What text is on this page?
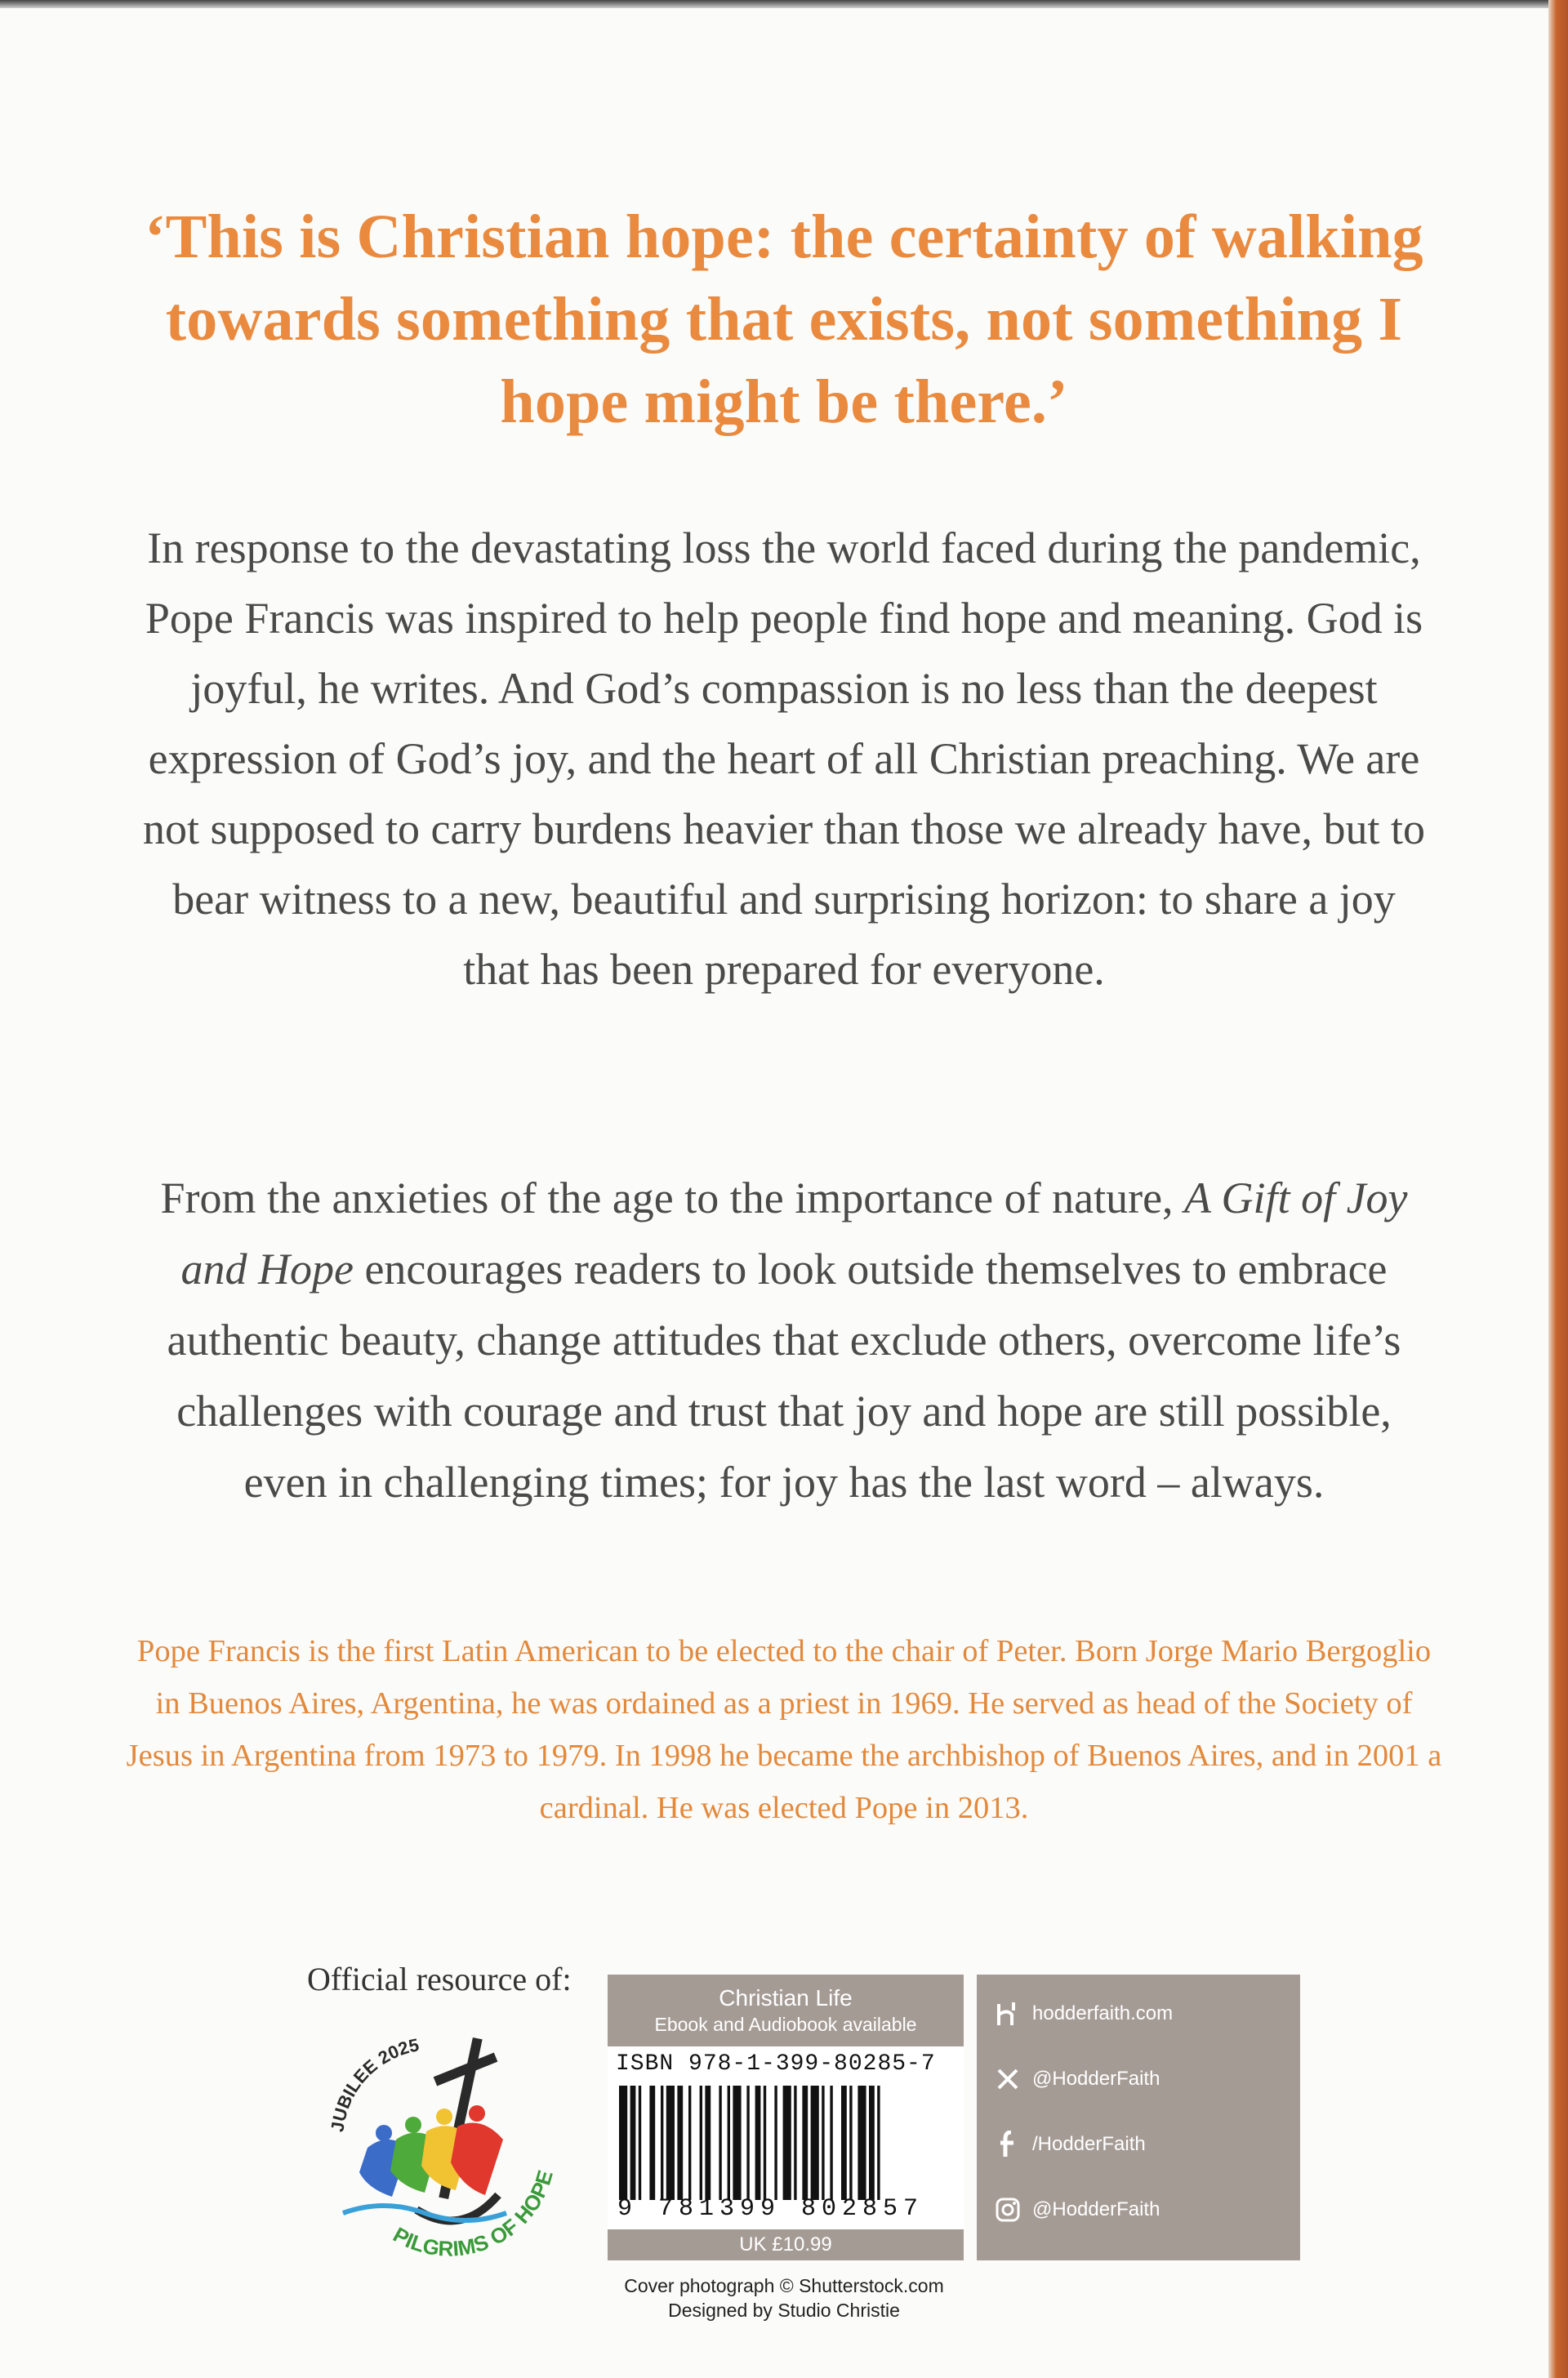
‘This is Christian hope: the certainty of walking towards something that exists, not something I hope might be there.’
In response to the devastating loss the world faced during the pandemic, Pope Francis was inspired to help people find hope and meaning. God is joyful, he writes. And God’s compassion is no less than the deepest expression of God’s joy, and the heart of all Christian preaching. We are not supposed to carry burdens heavier than those we already have, but to bear witness to a new, beautiful and surprising horizon: to share a joy that has been prepared for everyone.
From the anxieties of the age to the importance of nature, A Gift of Joy and Hope encourages readers to look outside themselves to embrace authentic beauty, change attitudes that exclude others, overcome life’s challenges with courage and trust that joy and hope are still possible, even in challenging times; for joy has the last word – always.
Pope Francis is the first Latin American to be elected to the chair of Peter. Born Jorge Mario Bergoglio in Buenos Aires, Argentina, he was ordained as a priest in 1969. He served as head of the Society of Jesus in Argentina from 1973 to 1979. In 1998 he became the archbishop of Buenos Aires, and in 2001 a cardinal. He was elected Pope in 2013.
Official resource of:
JUBILEE 2025
PILGRIMS OF HOPE
Christian Life
Ebook and Audiobook available
ISBN 978-1-399-80285-7
9 781399 802857
UK £10.99
hodderfaith.com
@HodderFaith
/HodderFaith
@HodderFaith
Cover photograph © Shutterstock.com
Designed by Studio Christie
